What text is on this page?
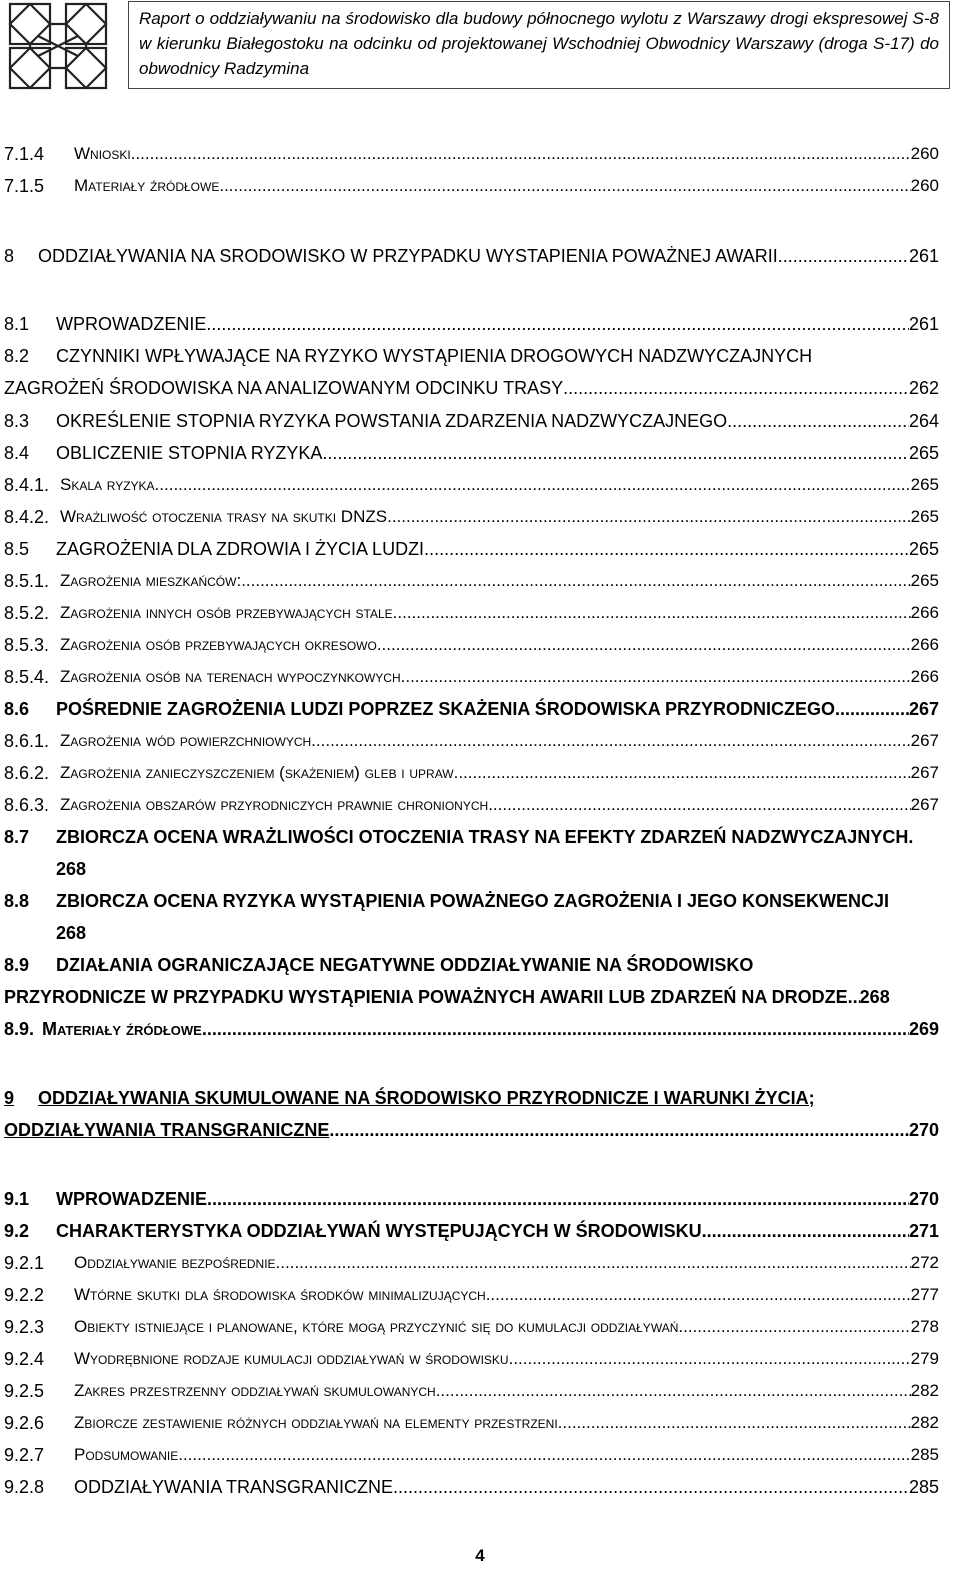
Raport o oddziaływaniu na środowisko dla budowy północnego wylotu z Warszawy drogi ekspresowej S-8 w kierunku Białegostoku na odcinku od projektowanej Wschodniej Obwodnicy Warszawy (droga S-17) do obwodnicy Radzymina
7.1.4 Wnioski .....	260
7.1.5 Materiały źródłowe .....	260
8 ODDZIAŁYWANIA NA SRODOWISKO W PRZYPADKU WYSTAPIENIA POWAŻNEJ AWARII .....	261
8.1 WPROWADZENIE .....	261
8.2 CZYNNIKI WPŁYWAJĄCE NA RYZYKO WYSTĄPIENIA DROGOWYCH NADZWYCZAJNYCH
ZAGROŻEŃ ŚRODOWISKA NA ANALIZOWANYM ODCINKU TRASY .....	262
8.3 OKREŚLENIE STOPNIA RYZYKA POWSTANIA ZDARZENIA NADZWYCZAJNEGO. .....	264
8.4 OBLICZENIE STOPNIA RYZYKA .....	265
8.4.1. Skala ryzyka .....	265
8.4.2. Wrażliwość otoczenia trasy na skutki DNZS .....	265
8.5 ZAGROŻENIA DLA ZDROWIA I ŻYCIA LUDZI. .....	265
8.5.1. Zagrożenia mieszkańców: .....	265
8.5.2. Zagrożenia innych osób przebywających stale. .....	266
8.5.3. Zagrożenia osób przebywających okresowo .....	266
8.5.4. Zagrożenia osób na terenach wypoczynkowych .....	266
8.6 POŚREDNIE ZAGROŻENIA LUDZI POPRZEZ SKAŻENIA ŚRODOWISKA PRZYRODNICZEGO .....	267
8.6.1. Zagrożenia wód powierzchniowych .....	267
8.6.2. Zagrożenia zanieczyszczeniem (skażeniem) gleb i upraw .....	267
8.6.3. Zagrożenia obszarów przyrodniczych prawnie chronionych .....	267
8.7 ZBIORCZA OCENA WRAŻLIWOŚCI OTOCZENIA TRASY NA EFEKTY ZDARZEŃ NADZWYCZAJNYCH.
268
8.8 ZBIORCZA OCENA RYZYKA WYSTĄPIENIA POWAŻNEGO ZAGROŻENIA I JEGO KONSEKWENCJI
268
8.9 DZIAŁANIA OGRANICZAJĄCE NEGATYWNE ODDZIAŁYWANIE NA ŚRODOWISKO
PRZYRODNICZE W PRZYPADKU WYSTĄPIENIA POWAŻNYCH AWARII LUB ZDARZEŃ NA DRODZE ..... 268
8.9. Materiały źródłowe .....	269
9 ODDZIAŁYWANIA SKUMULOWANE NA ŚRODOWISKO PRZYRODNICZE I WARUNKI ŻYCIA;
ODDZIAŁYWANIA TRANSGRANICZNE .....	270
9.1 WPROWADZENIE .....	270
9.2 CHARAKTERYSTYKA ODDZIAŁYWAŃ WYSTĘPUJĄCYCH W ŚRODOWISKU .....	271
9.2.1 Oddziaływanie bezpośrednie .....	272
9.2.2 Wtórne skutki dla środowiska środków minimalizujących .....	277
9.2.3 Obiekty istniejące i planowane, które mogą przyczynić się do kumulacji oddziaływań .....	278
9.2.4 Wyodrębnione rodzaje kumulacji oddziaływań w środowisku. .....	279
9.2.5 Zakres przestrzenny oddziaływań skumulowanych .....	282
9.2.6 Zbiorcze zestawienie różnych oddziaływań na elementy przestrzeni .....	282
9.2.7 Podsumowanie .....	285
9.2.8 ODDZIAŁYWANIA TRANSGRANICZNE .....	285
4
